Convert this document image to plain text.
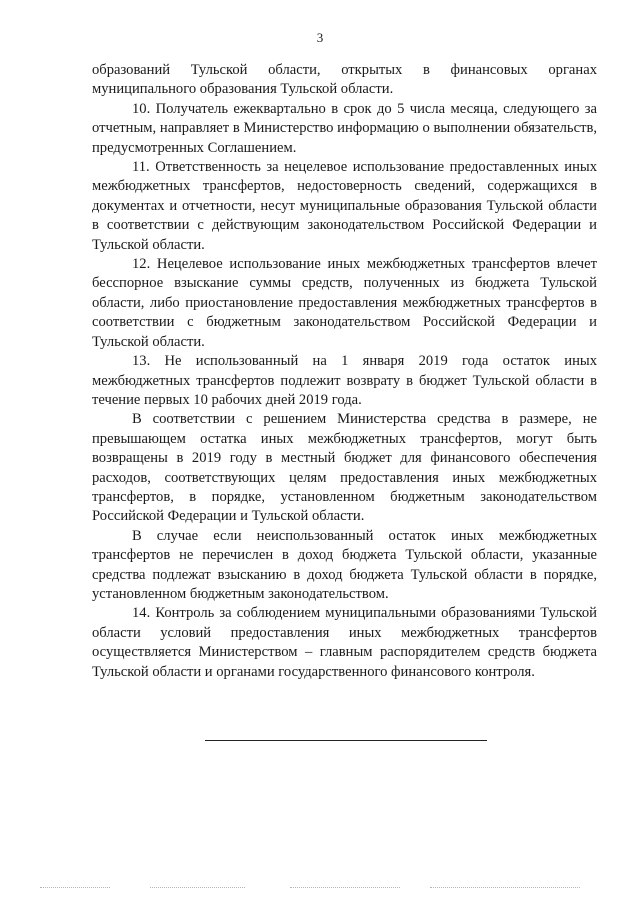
3

образований Тульской области, открытых в финансовых органах муниципального образования Тульской области.

10. Получатель ежеквартально в срок до 5 числа месяца, следующего за отчетным, направляет в Министерство информацию о выполнении обязательств, предусмотренных Соглашением.

11. Ответственность за нецелевое использование предоставленных иных межбюджетных трансфертов, недостоверность сведений, содержащихся в документах и отчетности, несут муниципальные образования Тульской области в соответствии с действующим законодательством Российской Федерации и Тульской области.

12. Нецелевое использование иных межбюджетных трансфертов влечет бесспорное взыскание суммы средств, полученных из бюджета Тульской области, либо приостановление предоставления межбюджетных трансфертов в соответствии с бюджетным законодательством Российской Федерации и Тульской области.

13. Не использованный на 1 января 2019 года остаток иных межбюджетных трансфертов подлежит возврату в бюджет Тульской области в течение первых 10 рабочих дней 2019 года.

В соответствии с решением Министерства средства в размере, не превышающем остатка иных межбюджетных трансфертов, могут быть возвращены в 2019 году в местный бюджет для финансового обеспечения расходов, соответствующих целям предоставления иных межбюджетных трансфертов, в порядке, установленном бюджетным законодательством Российской Федерации и Тульской области.

В случае если неиспользованный остаток иных межбюджетных трансфертов не перечислен в доход бюджета Тульской области, указанные средства подлежат взысканию в доход бюджета Тульской области в порядке, установленном бюджетным законодательством.

14. Контроль за соблюдением муниципальными образованиями Тульской области условий предоставления иных межбюджетных трансфертов осуществляется Министерством – главным распорядителем средств бюджета Тульской области и органами государственного финансового контроля.
